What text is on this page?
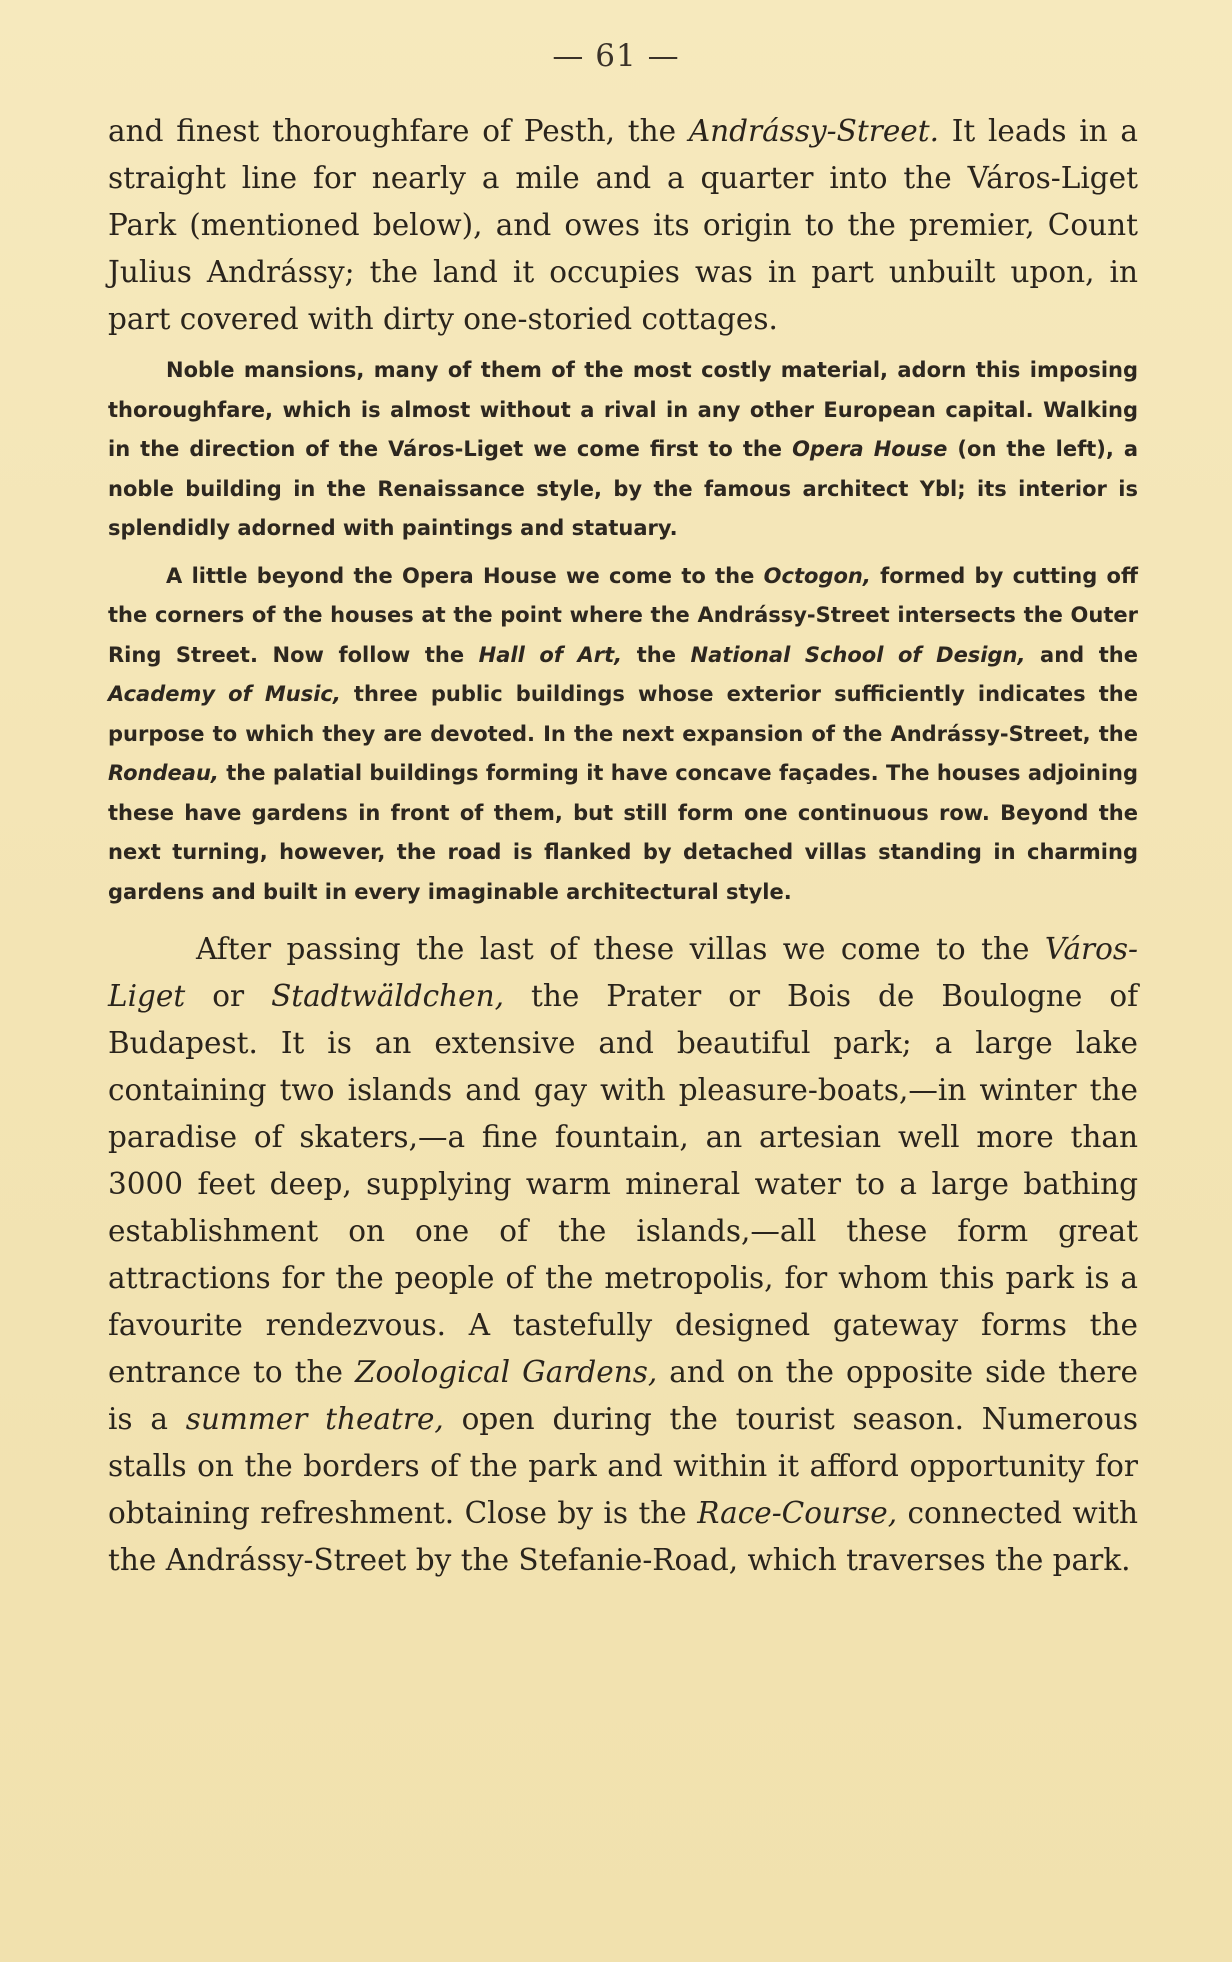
— 61 —

and finest thoroughfare of Pesth, the Andrássy-Street. It leads in a straight line for nearly a mile and a quarter into the Város-Liget Park (mentioned below), and owes its origin to the premier, Count Julius Andrássy; the land it occupies was in part unbuilt upon, in part covered with dirty one-storied cottages.

Noble mansions, many of them of the most costly material, adorn this imposing thoroughfare, which is almost without a rival in any other European capital. Walking in the direction of the Város-Liget we come first to the Opera House (on the left), a noble building in the Renaissance style, by the famous architect Ybl; its interior is splendidly adorned with paintings and statuary.

A little beyond the Opera House we come to the Octogon, formed by cutting off the corners of the houses at the point where the Andrássy-Street intersects the Outer Ring Street. Now follow the Hall of Art, the National School of Design, and the Academy of Music, three public buildings whose exterior sufficiently indicates the purpose to which they are devoted. In the next expansion of the Andrássy-Street, the Rondeau, the palatial buildings forming it have concave façades. The houses adjoining these have gardens in front of them, but still form one continuous row. Beyond the next turning, however, the road is flanked by detached villas standing in charming gardens and built in every imaginable architectural style.

After passing the last of these villas we come to the Város-Liget or Stadtwäldchen, the Prater or Bois de Boulogne of Budapest. It is an extensive and beautiful park; a large lake containing two islands and gay with pleasure-boats,—in winter the paradise of skaters,—a fine fountain, an artesian well more than 3000 feet deep, supplying warm mineral water to a large bathing establishment on one of the islands,—all these form great attractions for the people of the metropolis, for whom this park is a favourite rendezvous. A tastefully designed gateway forms the entrance to the Zoological Gardens, and on the opposite side there is a summer theatre, open during the tourist season. Numerous stalls on the borders of the park and within it afford opportunity for obtaining refreshment. Close by is the Race-Course, connected with the Andrássy-Street by the Stefanie-Road, which traverses the park.
